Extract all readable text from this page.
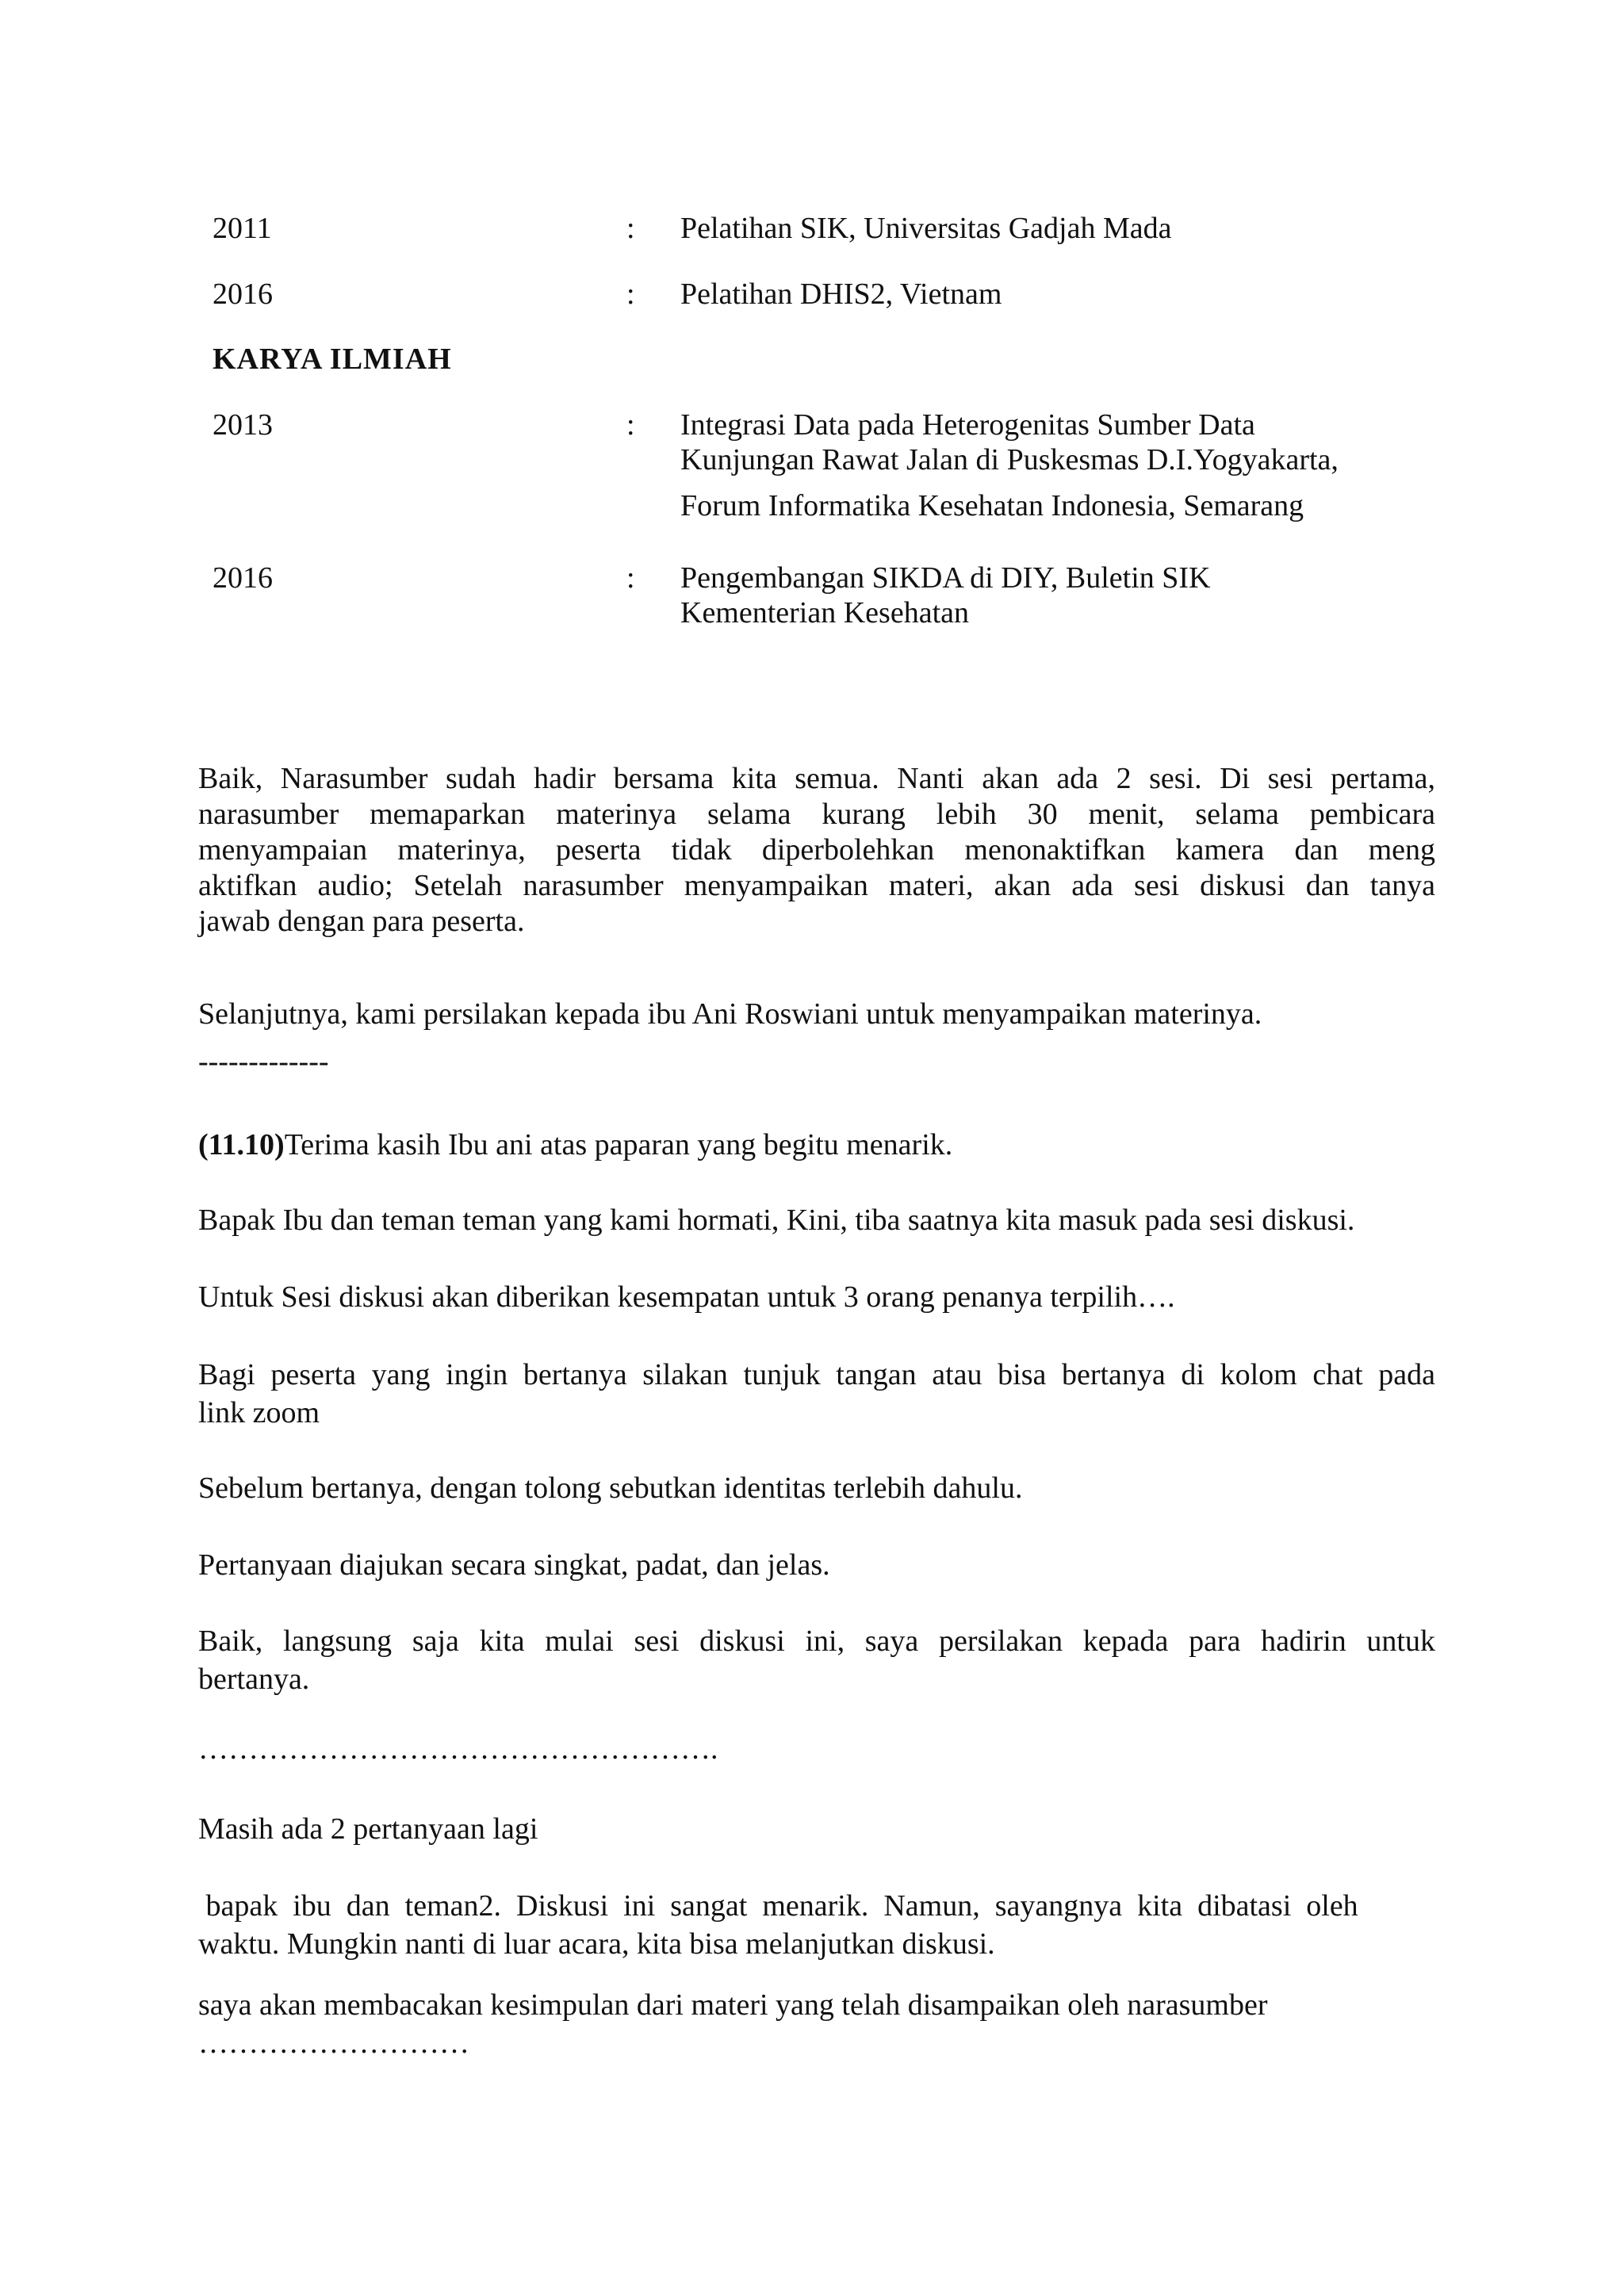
2011	: Pelatihan SIK, Universitas Gadjah Mada
2016	: Pelatihan DHIS2, Vietnam
KARYA ILMIAH
2013	: Integrasi Data pada Heterogenitas Sumber Data
Kunjungan Rawat Jalan di Puskesmas D.I.Yogyakarta,
Forum Informatika Kesehatan Indonesia, Semarang
2016	: Pengembangan SIKDA di DIY, Buletin SIK
Kementerian Kesehatan
Baik, Narasumber sudah hadir bersama kita semua. Nanti akan ada 2 sesi. Di sesi pertama,
narasumber memaparkan materinya selama kurang lebih 30 menit, selama pembicara
menyampaian materinya, peserta tidak diperbolehkan menonaktifkan kamera dan meng
aktifkan audio; Setelah narasumber menyampaikan materi, akan ada sesi diskusi dan tanya
jawab dengan para peserta.
Selanjutnya, kami persilakan kepada ibu Ani Roswiani untuk menyampaikan materinya.
-------------
(11.10)Terima kasih Ibu ani atas paparan yang begitu menarik.
Bapak Ibu dan teman teman yang kami hormati, Kini, tiba saatnya kita masuk pada sesi diskusi.
Untuk Sesi diskusi akan diberikan kesempatan untuk 3 orang penanya terpilih….
Bagi peserta yang ingin bertanya silakan tunjuk tangan atau bisa bertanya di kolom chat pada
link zoom
Sebelum bertanya, dengan tolong sebutkan identitas terlebih dahulu.
Pertanyaan diajukan secara singkat, padat, dan jelas.
Baik, langsung saja kita mulai sesi diskusi ini, saya persilakan kepada para hadirin untuk
bertanya.
…………………………………………….
Masih ada 2 pertanyaan lagi
bapak  ibu  dan  teman2.  Diskusi  ini  sangat  menarik.  Namun,  sayangnya  kita  dibatasi  oleh
waktu. Mungkin nanti di luar acara, kita bisa melanjutkan diskusi.
saya akan membacakan kesimpulan dari materi yang telah disampaikan oleh narasumber
………………………
